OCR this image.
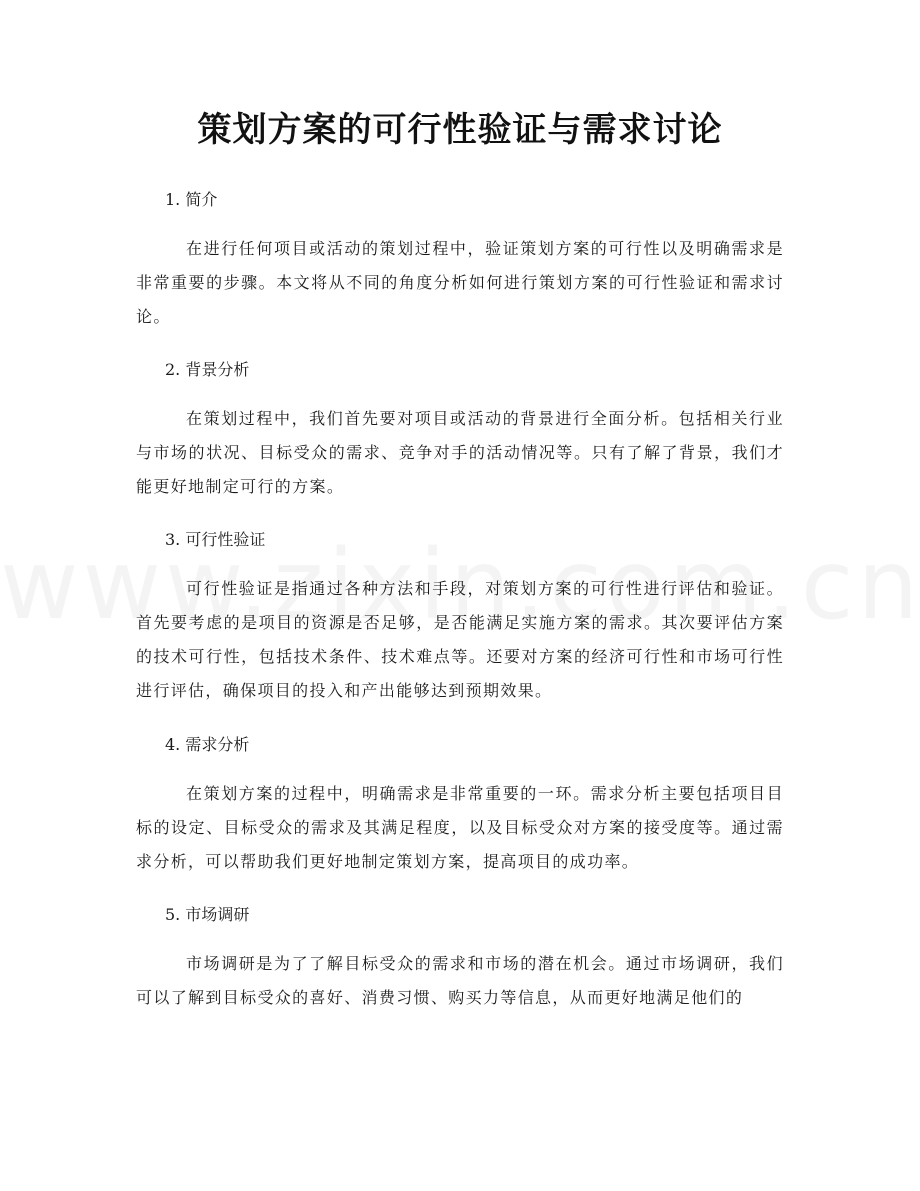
策划方案的可行性验证与需求讨论
1. 简介

在进行任何项目或活动的策划过程中，验证策划方案的可行性以及明确需求是非常重要的步骤。本文将从不同的角度分析如何进行策划方案的可行性验证和需求讨论。

2. 背景分析

在策划过程中，我们首先要对项目或活动的背景进行全面分析。包括相关行业与市场的状况、目标受众的需求、竞争对手的活动情况等。只有了解了背景，我们才能更好地制定可行的方案。

3. 可行性验证

可行性验证是指通过各种方法和手段，对策划方案的可行性进行评估和验证。首先要考虑的是项目的资源是否足够，是否能满足实施方案的需求。其次要评估方案的技术可行性，包括技术条件、技术难点等。还要对方案的经济可行性和市场可行性进行评估，确保项目的投入和产出能够达到预期效果。

4. 需求分析

在策划方案的过程中，明确需求是非常重要的一环。需求分析主要包括项目目标的设定、目标受众的需求及其满足程度，以及目标受众对方案的接受度等。通过需求分析，可以帮助我们更好地制定策划方案，提高项目的成功率。

5. 市场调研

市场调研是为了了解目标受众的需求和市场的潜在机会。通过市场调研，我们可以了解到目标受众的喜好、消费习惯、购买力等信息，从而更好地满足他们的
